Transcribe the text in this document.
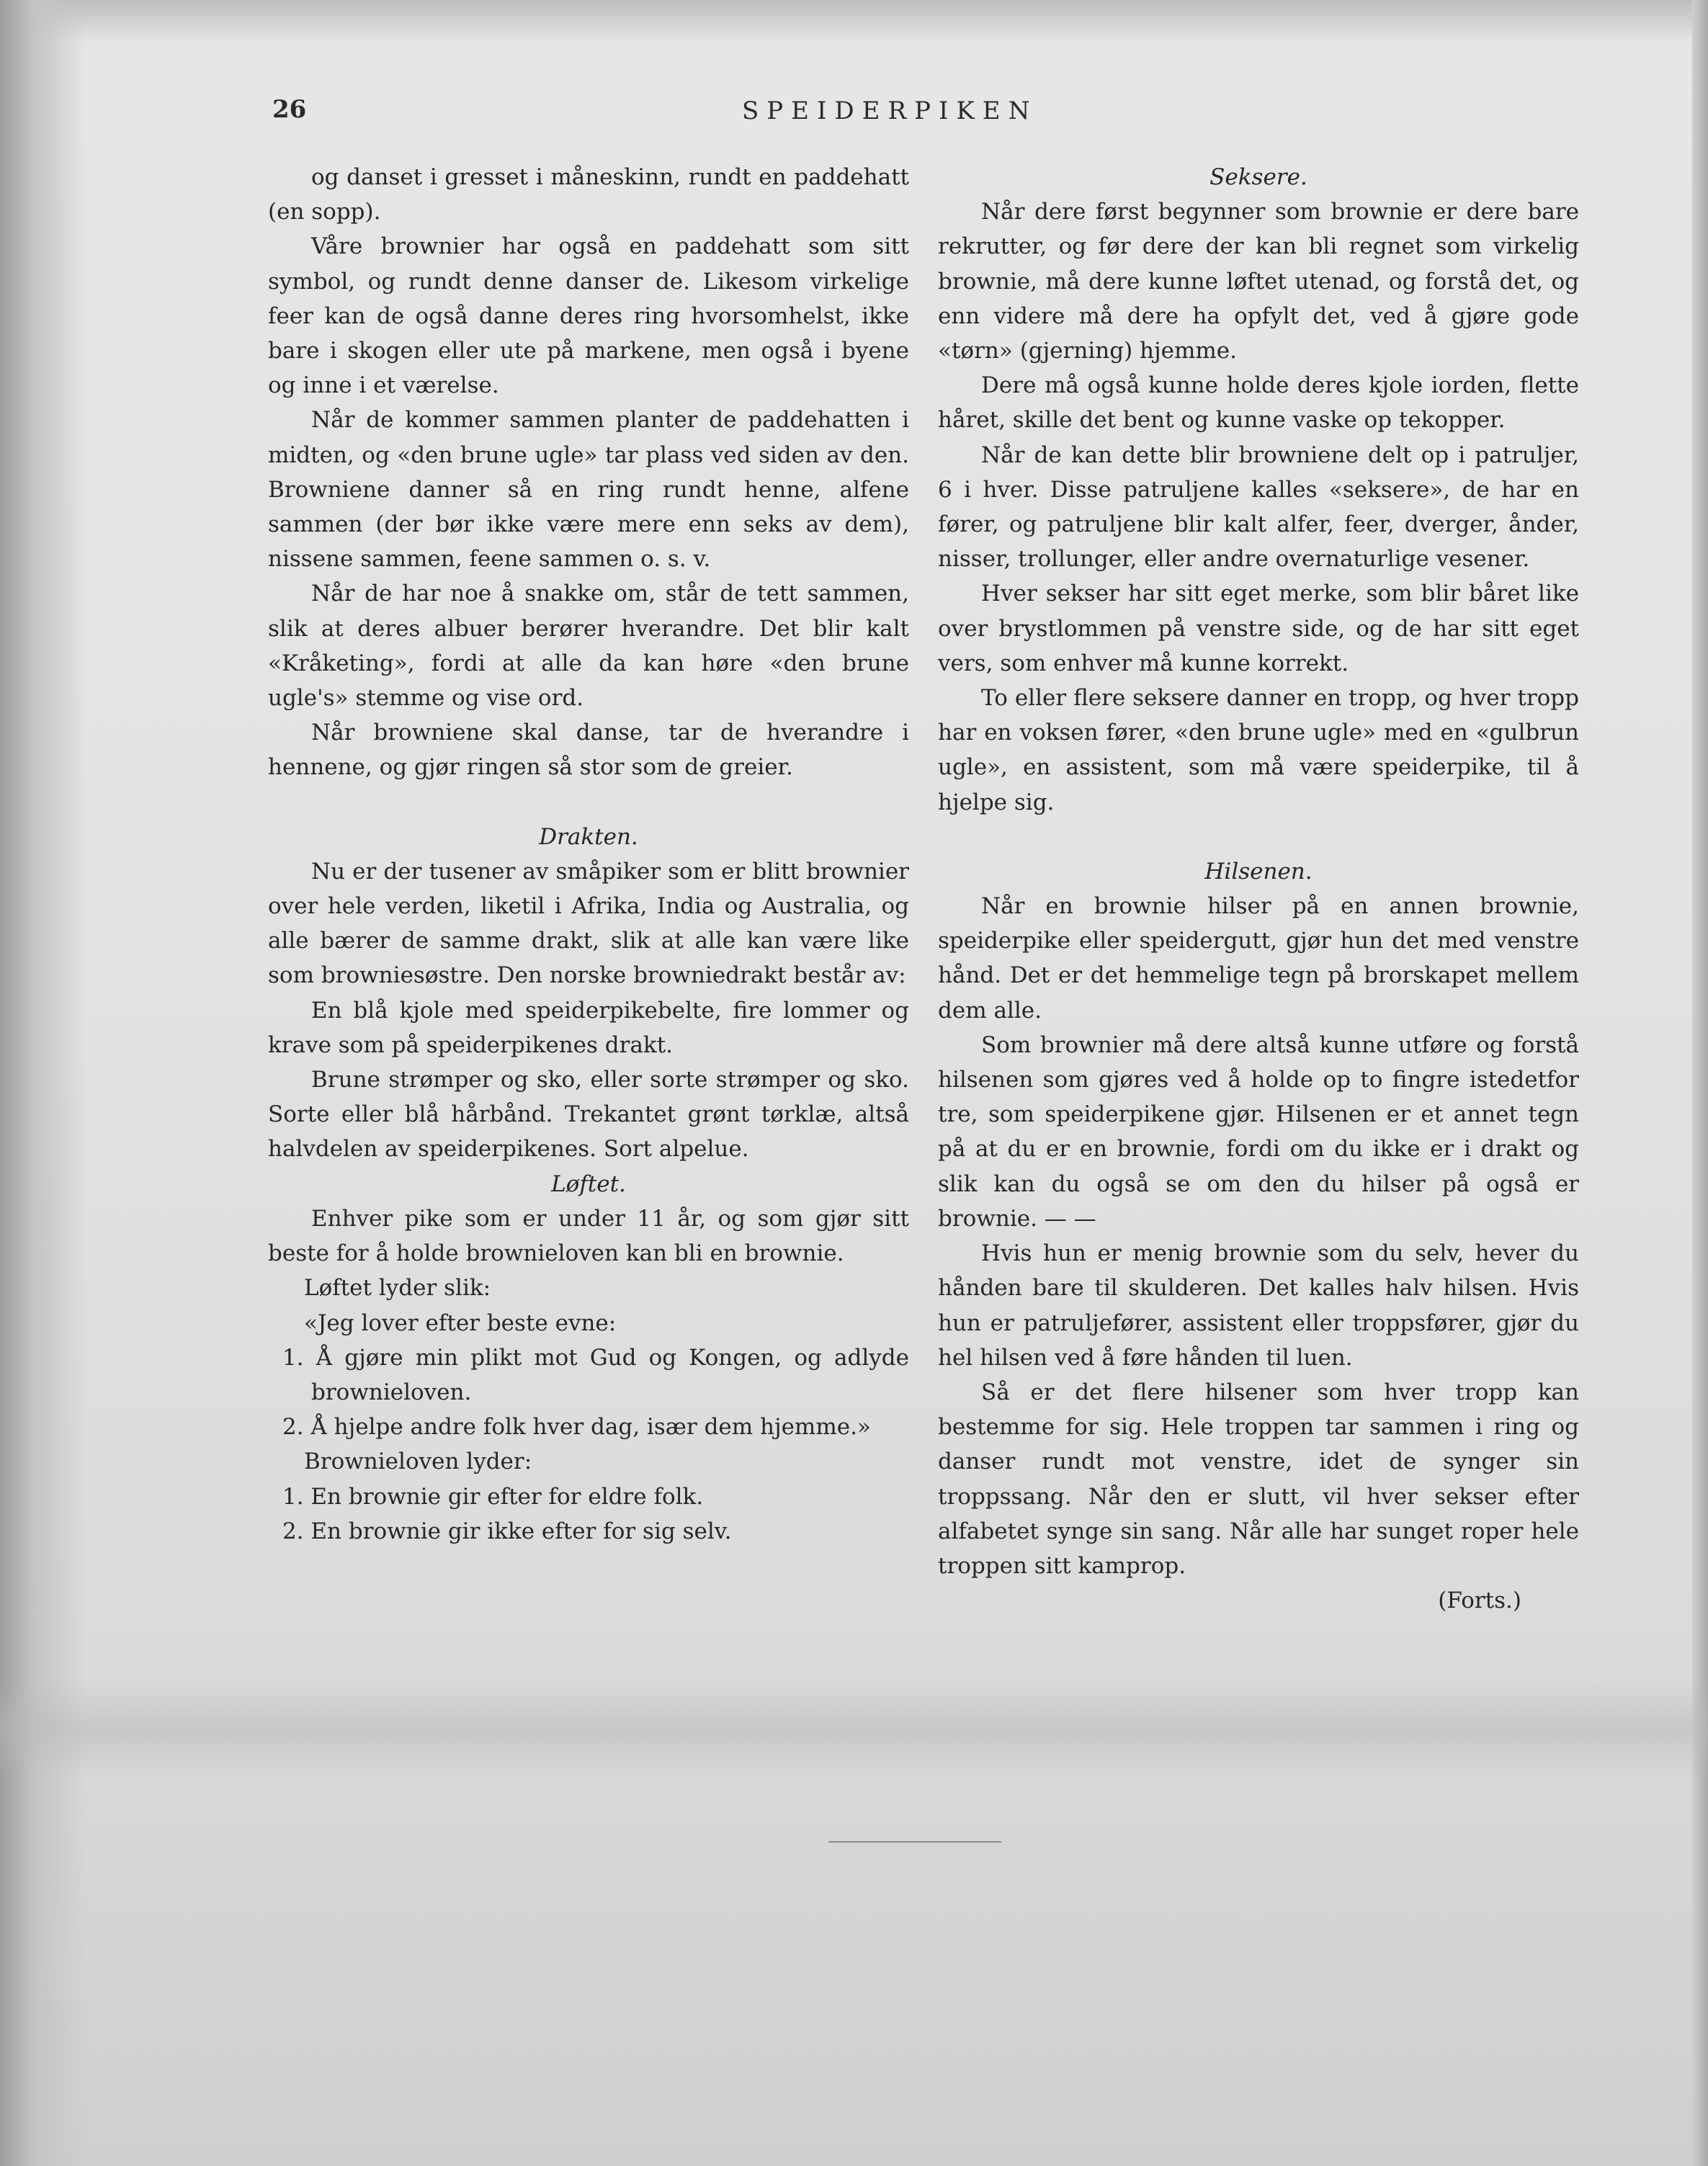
26	SPEIDERPIKEN

og danset i gresset i måneskinn, rundt en paddehatt (en sopp).

Våre brownier har også en paddehatt som sitt symbol, og rundt denne danser de. Likesom virkelige feer kan de også danne deres ring hvorsomhelst, ikke bare i skogen eller ute på markene, men også i byene og inne i et værelse.

Når de kommer sammen planter de paddehatten i midten, og «den brune ugle» tar plass ved siden av den. Browniene danner så en ring rundt henne, alfene sammen (der bør ikke være mere enn seks av dem), nissene sammen, feene sammen o. s. v.

Når de har noe å snakke om, står de tett sammen, slik at deres albuer berører hverandre. Det blir kalt «Kråketing», fordi at alle da kan høre «den brune ugle's» stemme og vise ord.

Når browniene skal danse, tar de hverandre i hennene, og gjør ringen så stor som de greier.

Drakten.

Nu er der tusener av småpiker som er blitt brownier over hele verden, liketil i Afrika, India og Australia, og alle bærer de samme drakt, slik at alle kan være like som browniesøstre. Den norske browniedrakt består av:

En blå kjole med speiderpikebelte, fire lommer og krave som på speiderpikenes drakt.

Brune strømper og sko, eller sorte strømper og sko. Sorte eller blå hårbånd. Trekantet grønt tørklæ, altså halvdelen av speiderpikenes. Sort alpelue.

Løftet.

Enhver pike som er under 11 år, og som gjør sitt beste for å holde brownieloven kan bli en brownie.

Løftet lyder slik:

«Jeg lover efter beste evne:

1. Å gjøre min plikt mot Gud og Kongen, og adlyde brownieloven.

2. Å hjelpe andre folk hver dag, især dem hjemme.»

Brownieloven lyder:

1. En brownie gir efter for eldre folk.

2. En brownie gir ikke efter for sig selv.

Seksere.

Når dere først begynner som brownie er dere bare rekrutter, og før dere der kan bli regnet som virkelig brownie, må dere kunne løftet utenad, og forstå det, og enn videre må dere ha opfylt det, ved å gjøre gode «tørn» (gjerning) hjemme.

Dere må også kunne holde deres kjole iorden, flette håret, skille det bent og kunne vaske op tekopper.

Når de kan dette blir browniene delt op i patruljer, 6 i hver. Disse patruljene kalles «seksere», de har en fører, og patruljene blir kalt alfer, feer, dverger, ånder, nisser, trollunger, eller andre overnaturlige vesener.

Hver sekser har sitt eget merke, som blir båret like over brystlommen på venstre side, og de har sitt eget vers, som enhver må kunne korrekt.

To eller flere seksere danner en tropp, og hver tropp har en voksen fører, «den brune ugle» med en «gulbrun ugle», en assistent, som må være speiderpike, til å hjelpe sig.

Hilsenen.

Når en brownie hilser på en annen brownie, speiderpike eller speidergutt, gjør hun det med venstre hånd. Det er det hemmelige tegn på brorskapet mellem dem alle.

Som brownier må dere altså kunne utføre og forstå hilsenen som gjøres ved å holde op to fingre istedetfor tre, som speiderpikene gjør. Hilsenen er et annet tegn på at du er en brownie, fordi om du ikke er i drakt og slik kan du også se om den du hilser på også er brownie. — —

Hvis hun er menig brownie som du selv, hever du hånden bare til skulderen. Det kalles halv hilsen. Hvis hun er patruljefører, assistent eller troppsfører, gjør du hel hilsen ved å føre hånden til luen.

Så er det flere hilsener som hver tropp kan bestemme for sig. Hele troppen tar sammen i ring og danser rundt mot venstre, idet de synger sin troppssang. Når den er slutt, vil hver sekser efter alfabetet synge sin sang. Når alle har sunget roper hele troppen sitt kamprop.

(Forts.)
